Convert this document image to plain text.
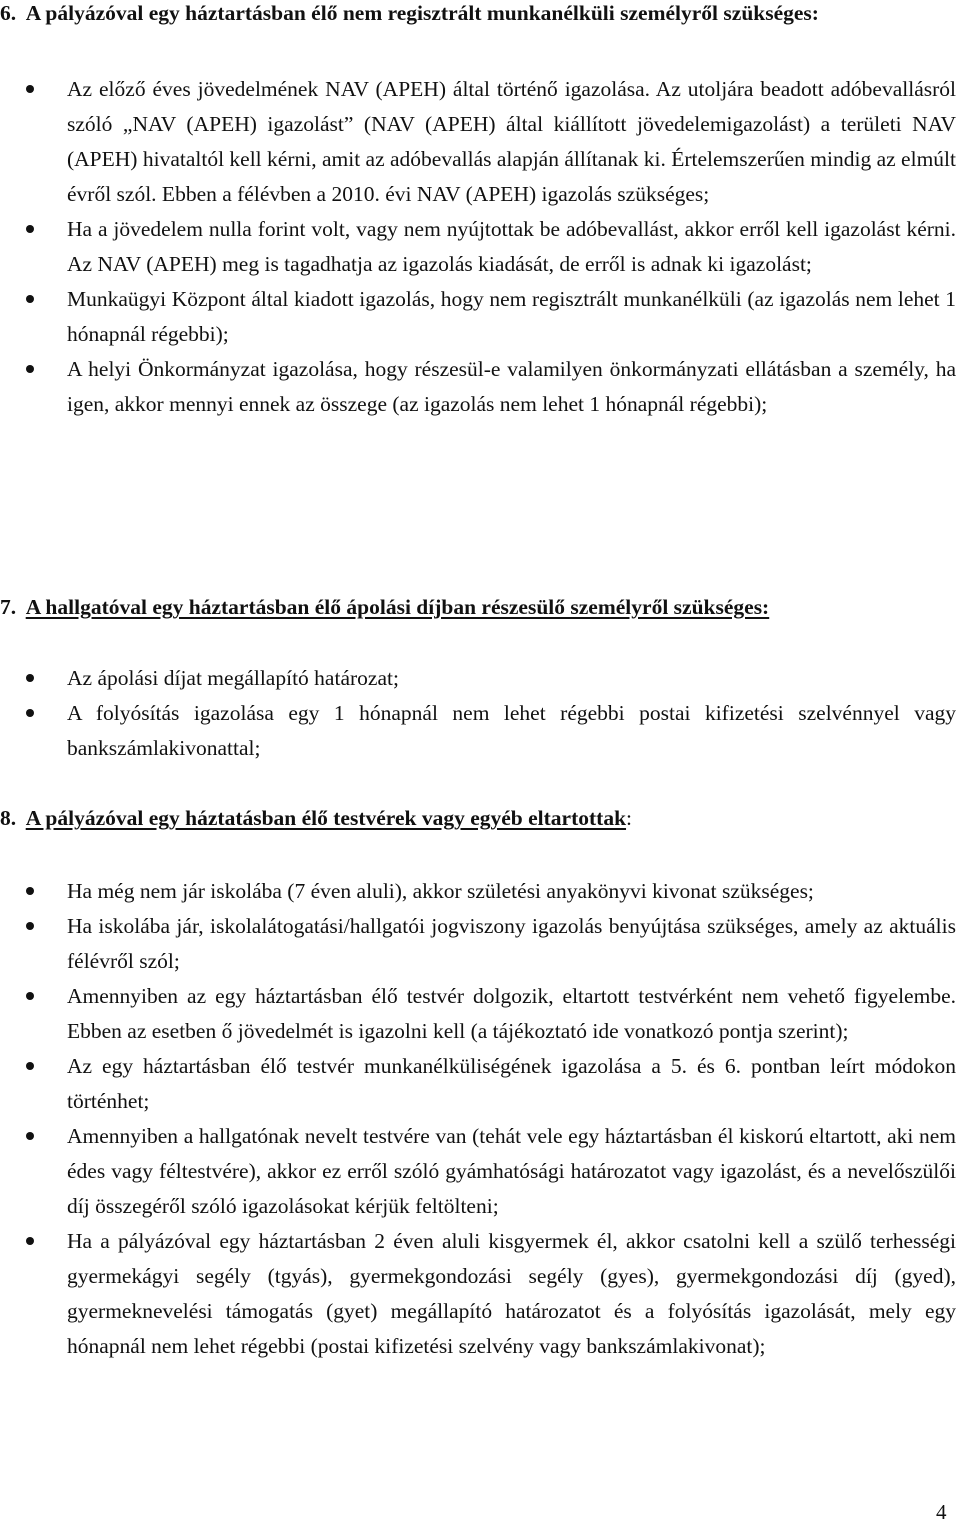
6.  A pályázóval egy háztartásban élő nem regisztrált munkanélküli személyről szükséges:
Az előző éves jövedelmének NAV (APEH) által történő igazolása. Az utoljára beadott adóbevallásról szóló „NAV (APEH) igazolást” (NAV (APEH) által kiállított jövedelemigazolást) a területi NAV (APEH) hivataltól kell kérni, amit az adóbevallás alapján állítanak ki. Értelemszerűen mindig az elmúlt évről szól. Ebben a félévben a 2010. évi NAV (APEH) igazolás szükséges;
Ha a jövedelem nulla forint volt, vagy nem nyújtottak be adóbevallást, akkor erről kell igazolást kérni. Az NAV (APEH) meg is tagadhatja az igazolás kiadását, de erről is adnak ki igazolást;
Munkaügyi Központ által kiadott igazolás, hogy nem regisztrált munkanélküli (az igazolás nem lehet 1 hónapnál régebbi);
A helyi Önkormányzat igazolása, hogy részesül-e valamilyen önkormányzati ellátásban a személy, ha igen, akkor mennyi ennek az összege (az igazolás nem lehet 1 hónapnál régebbi);
7.  A hallgatóval egy háztartásban élő ápolási díjban részesülő személyről szükséges:
Az ápolási díjat megállapító határozat;
A folyósítás igazolása egy 1 hónapnál nem lehet régebbi postai kifizetési szelvénnyel vagy bankszámlakivonattal;
8.  A pályázóval egy háztatásban élő testvérek vagy egyéb eltartottak:
Ha még nem jár iskolába (7 éven aluli), akkor születési anyakönyvi kivonat szükséges;
Ha iskolába jár, iskolalátogatási/hallgatói jogviszony igazolás benyújtása szükséges, amely az aktuális félévről szól;
Amennyiben az egy háztartásban élő testvér dolgozik, eltartott testvérként nem vehető figyelembe. Ebben az esetben ő jövedelmét is igazolni kell (a tájékoztató ide vonatkozó pontja szerint);
Az egy háztartásban élő testvér munkanélküliségének igazolása a 5. és 6. pontban leírt módokon történhet;
Amennyiben a hallgatónak nevelt testvére van (tehát vele egy háztartásban él kiskorú eltartott, aki nem édes vagy féltestvére), akkor ez erről szóló gyámhatósági határozatot vagy igazolást, és a nevelőszülői díj összegéről szóló igazolásokat kérjük feltölteni;
Ha a pályázóval egy háztartásban 2 éven aluli kisgyermek él, akkor csatolni kell a szülő terhességi gyermekágyi segély (tgyás), gyermekgondozási segély (gyes), gyermekgondozási díj (gyed), gyermeknevelési támogatás (gyet) megállapító határozatot és a folyósítás igazolását, mely egy hónapnál nem lehet régebbi (postai kifizetési szelvény vagy bankszámlakivonat);
4
